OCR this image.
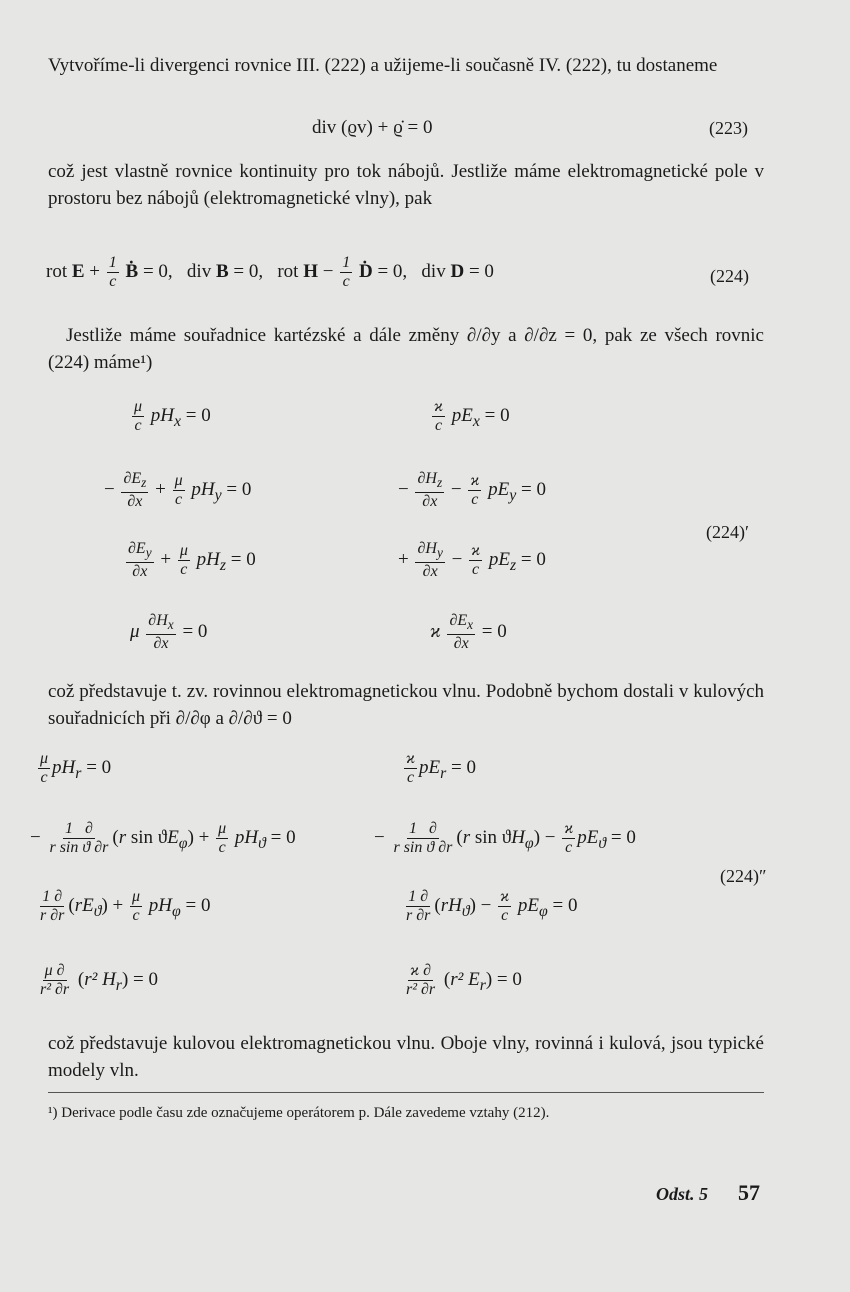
Vytvoříme-li divergenci rovnice III. (222) a užijeme-li současně IV. (222), tu dostaneme
div (ϱv) + ϱ̇ = 0	(223)
což jest vlastně rovnice kontinuity pro tok nábojů. Jestliže máme elektromagnetické pole v prostoru bez nábojů (elektromagnetické vlny), pak
rot $E + \frac{1}{c}$ Ḃ = 0,   div B = 0,   rot $H - \frac{1}{c}$ Ḋ = 0,   div D = 0	(224)
Jestliže máme souřadnice kartézské a dále změny ∂/∂y a ∂/∂z = 0, pak ze všech rovnic (224) máme¹)
$\frac{\mu}{c} pH_x = 0$	$\frac{ϰ}{c} pE_x = 0$
− $\frac{\partial E_z}{\partial x} + \frac{\mu}{c} pH_y = 0$	− $\frac{\partial H_z}{\partial x} - \frac{ϰ}{c} pE_y = 0$
(224)′
$\frac{\partial E_y}{\partial x} + \frac{\mu}{c} pH_z = 0$	+ $\frac{\partial H_y}{\partial x} - \frac{ϰ}{c} pE_z = 0$
μ $\frac{\partial H_x}{\partial x} = 0$	ϰ $\frac{\partial E_x}{\partial x} = 0$
což představuje t. zv. rovinnou elektromagnetickou vlnu. Podobně bychom dostali v kulových souřadnicích při ∂/∂φ a ∂/∂ϑ = 0
$\frac{\mu}{c} pH_r = 0$	$\frac{ϰ}{c} pE_r = 0$
− $\frac{1 \partial}{\text{r sin ϑ ∂r}} (r$ $\sin ϑE_\varphi) + \frac{\mu}{c} pH_ϑ = 0$	− $\frac{1 \partial}{\text{r sin ϑ ∂r}} (r$ $\sin ϑH_\varphi) - \frac{ϰ}{c} pE_ϑ = 0$
(224)″
$\frac{1 \partial}{r \partial r} (rE_ϑ) + \frac{\mu}{c} pH_\varphi = 0$	$\frac{1 \partial}{r \partial r} (rH_ϑ) - \frac{ϰ}{c} pE_\varphi = 0$
$\frac{\mu \partial}{\text{r² ∂r}} (r^2$ $H_r) = 0$	$\frac{ϰ \partial}{\text{r² ∂r}} (r^2$ $E_r) = 0$
což představuje kulovou elektromagnetickou vlnu. Oboje vlny, rovinná i kulová, jsou typické modely vln.
¹) Derivace podle času zde označujeme operátorem p. Dále zavedeme vztahy (212).
Odst. 5 57
